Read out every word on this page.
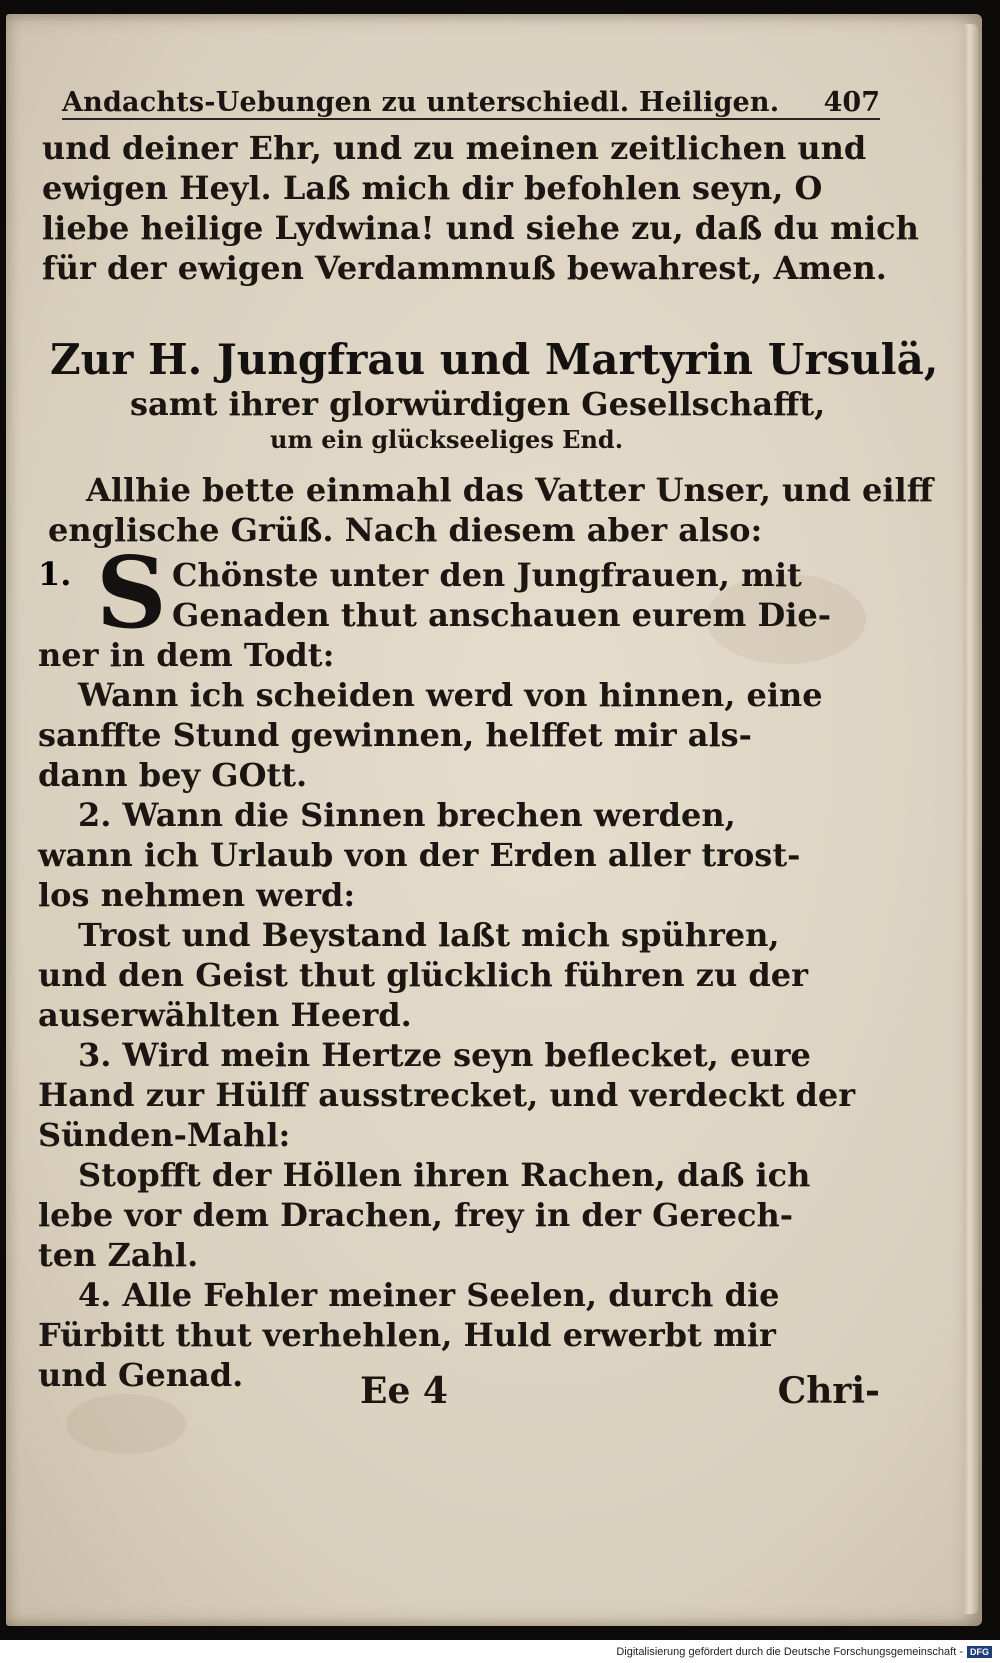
Andachts-Uebungen zu unterschiedl. Heiligen. 407
und deiner Ehr, und zu meinen zeitlichen und
ewigen Heyl. Laß mich dir befohlen seyn, O
liebe heilige Lydwina! und siehe zu, daß du mich
für der ewigen Verdammnuß bewahrest, Amen.
Zur H. Jungfrau und Martyrin Ursulä,
samt ihrer glorwürdigen Gesellschafft,
um ein glückseeliges End.
Allhie bette einmahl das Vatter Unser, und eilff
englische Grüß. Nach diesem aber also:
1. S Chönste unter den Jungfrauen, mit
Genaden thut anschauen eurem Die-
ner in dem Todt:
Wann ich scheiden werd von hinnen, eine
sanffte Stund gewinnen, helffet mir als-
dann bey GOtt.
2. Wann die Sinnen brechen werden,
wann ich Urlaub von der Erden aller trost-
los nehmen werd:
Trost und Beystand laßt mich spühren,
und den Geist thut glücklich führen zu der
auserwählten Heerd.
3. Wird mein Hertze seyn beflecket, eure
Hand zur Hülff ausstrecket, und verdeckt der
Sünden-Mahl:
Stopfft der Höllen ihren Rachen, daß ich
lebe vor dem Drachen, frey in der Gerech-
ten Zahl.
4. Alle Fehler meiner Seelen, durch die
Fürbitt thut verhehlen, Huld erwerbt mir
und Genad.	Ee 4	Chri-
Digitalisierung gefördert durch die Deutsche Forschungsgemeinschaft - DFG
